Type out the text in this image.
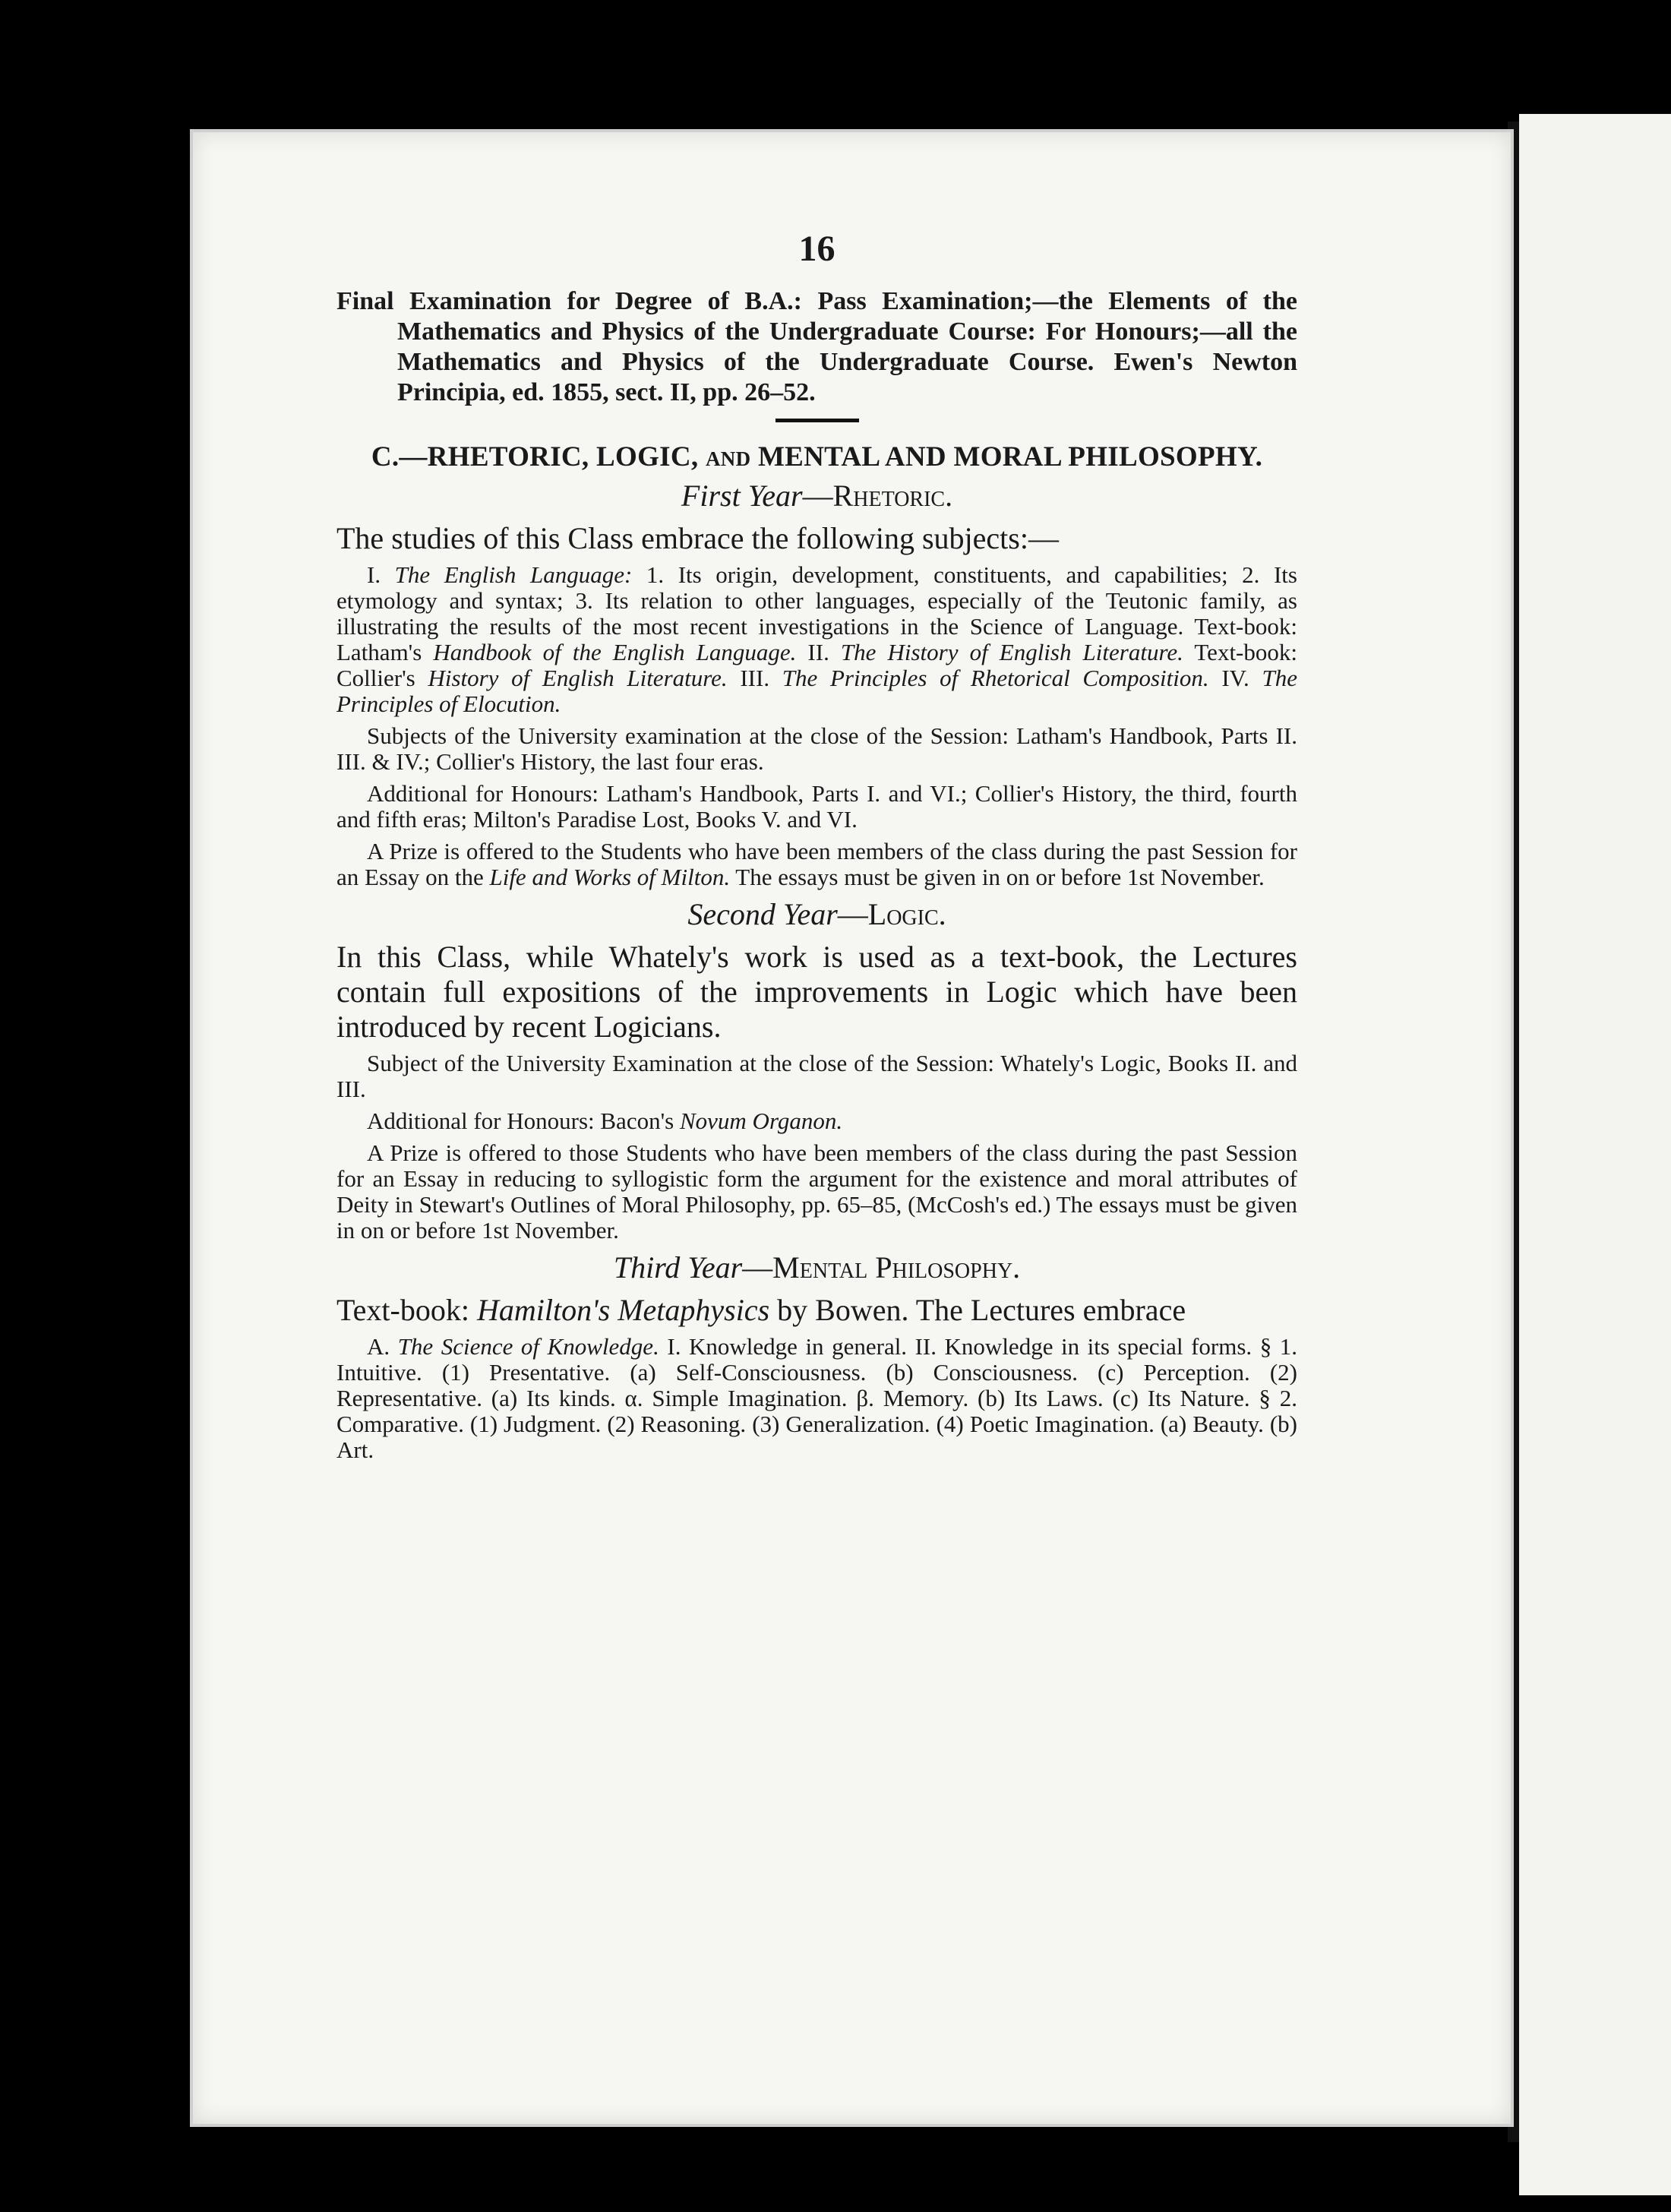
16

Final Examination for Degree of B.A.: Pass Examination;—the Elements of the Mathematics and Physics of the Undergraduate Course: For Honours;—all the Mathematics and Physics of the Undergraduate Course. Ewen's Newton Principia, ed. 1855, sect. II, pp. 26–52.

C.—RHETORIC, LOGIC, AND MENTAL AND MORAL PHILOSOPHY.
First Year—Rhetoric.

The studies of this Class embrace the following subjects:—

I. The English Language: 1. Its origin, development, constituents, and capabilities; 2. Its etymology and syntax; 3. Its relation to other languages, especially of the Teutonic family, as illustrating the results of the most recent investigations in the Science of Language. Text-book: Latham's Handbook of the English Language. II. The History of English Literature. Text-book: Collier's History of English Literature. III. The Principles of Rhetorical Composition. IV. The Principles of Elocution.

Subjects of the University examination at the close of the Session: Latham's Handbook, Parts II. III. & IV.; Collier's History, the last four eras.

Additional for Honours: Latham's Handbook, Parts I. and VI.; Collier's History, the third, fourth and fifth eras; Milton's Paradise Lost, Books V. and VI.

A Prize is offered to the Students who have been members of the class during the past Session for an Essay on the Life and Works of Milton. The essays must be given in on or before 1st November.

Second Year—Logic.

In this Class, while Whately's work is used as a text-book, the Lectures contain full expositions of the improvements in Logic which have been introduced by recent Logicians.

Subject of the University Examination at the close of the Session: Whately's Logic, Books II. and III.

Additional for Honours: Bacon's Novum Organon.

A Prize is offered to those Students who have been members of the class during the past Session for an Essay in reducing to syllogistic form the argument for the existence and moral attributes of Deity in Stewart's Outlines of Moral Philosophy, pp. 65–85, (McCosh's ed.) The essays must be given in on or before 1st November.

Third Year—Mental Philosophy.

Text-book: Hamilton's Metaphysics by Bowen. The Lectures embrace

A. The Science of Knowledge. I. Knowledge in general. II. Knowledge in its special forms. § 1. Intuitive. (1) Presentative. (a) Self-Consciousness. (b) Consciousness. (c) Perception. (2) Representative. (a) Its kinds. α. Simple Imagination. β. Memory. (b) Its Laws. (c) Its Nature. § 2. Comparative. (1) Judgment. (2) Reasoning. (3) Generalization. (4) Poetic Imagination. (a) Beauty. (b) Art.
